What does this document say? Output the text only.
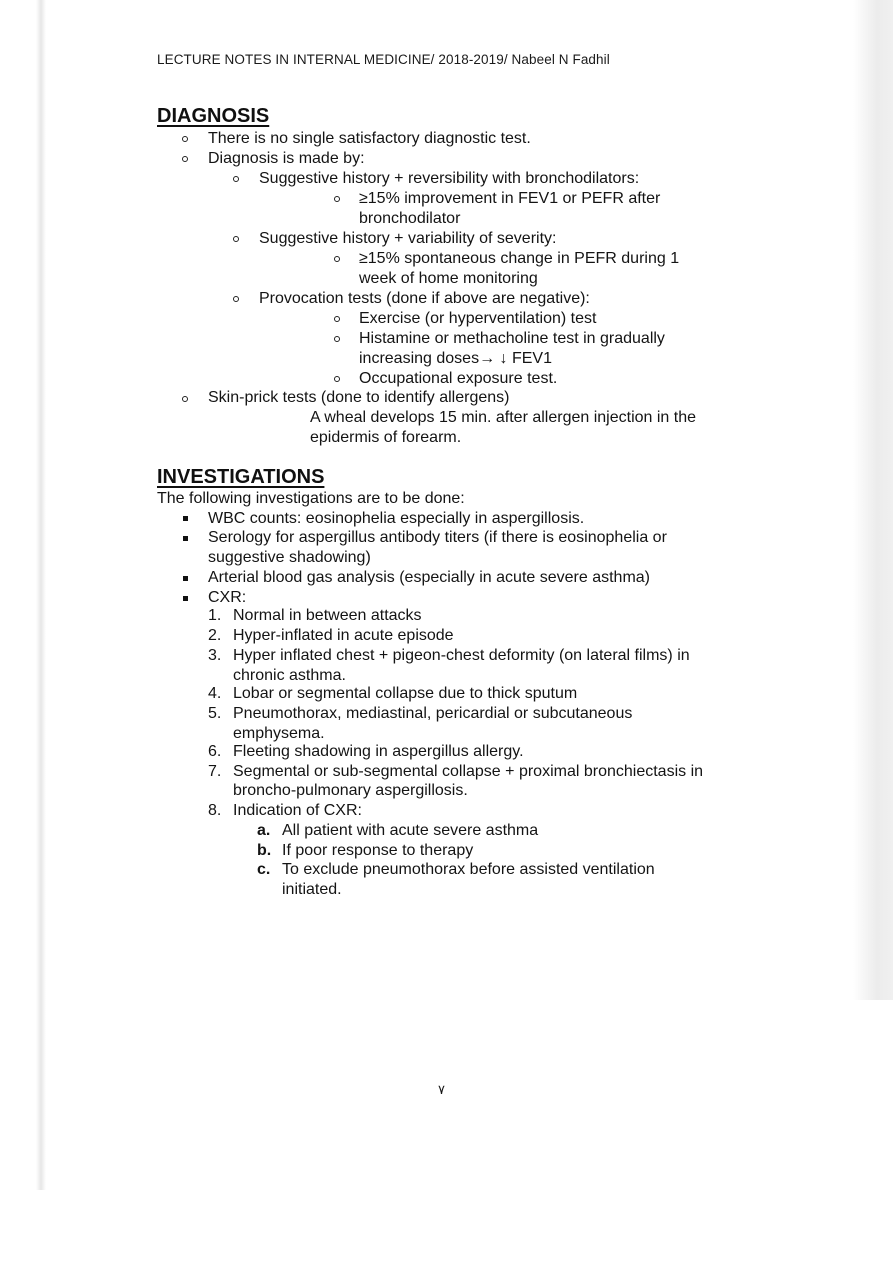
LECTURE NOTES IN INTERNAL MEDICINE/ 2018-2019/ Nabeel N Fadhil
DIAGNOSIS
There is no single satisfactory diagnostic test.
Diagnosis is made by:
Suggestive history + reversibility with bronchodilators:
≥15% improvement in FEV1 or PEFR after
bronchodilator
Suggestive history + variability of severity:
≥15% spontaneous change in PEFR during 1
week of home monitoring
Provocation tests (done if above are negative):
Exercise (or hyperventilation) test
Histamine or methacholine test in gradually
increasing doses→ ↓ FEV1
Occupational exposure test.
Skin-prick tests (done to identify allergens)
A wheal develops 15 min. after allergen injection in the
epidermis of forearm.
INVESTIGATIONS
The following investigations are to be done:
WBC counts: eosinophelia especially in aspergillosis.
Serology for aspergillus antibody titers (if there is eosinophelia or
suggestive shadowing)
Arterial blood gas analysis (especially in acute severe asthma)
CXR:
1. Normal in between attacks
2. Hyper-inflated in acute episode
3. Hyper inflated chest + pigeon-chest deformity (on lateral films) in
chronic asthma.
4. Lobar or segmental collapse due to thick sputum
5. Pneumothorax, mediastinal, pericardial or subcutaneous
emphysema.
6. Fleeting shadowing in aspergillus allergy.
7. Segmental or sub-segmental collapse + proximal bronchiectasis in
broncho-pulmonary aspergillosis.
8. Indication of CXR:
a. All patient with acute severe asthma
b. If poor response to therapy
c. To exclude pneumothorax before assisted ventilation
initiated.
٧
